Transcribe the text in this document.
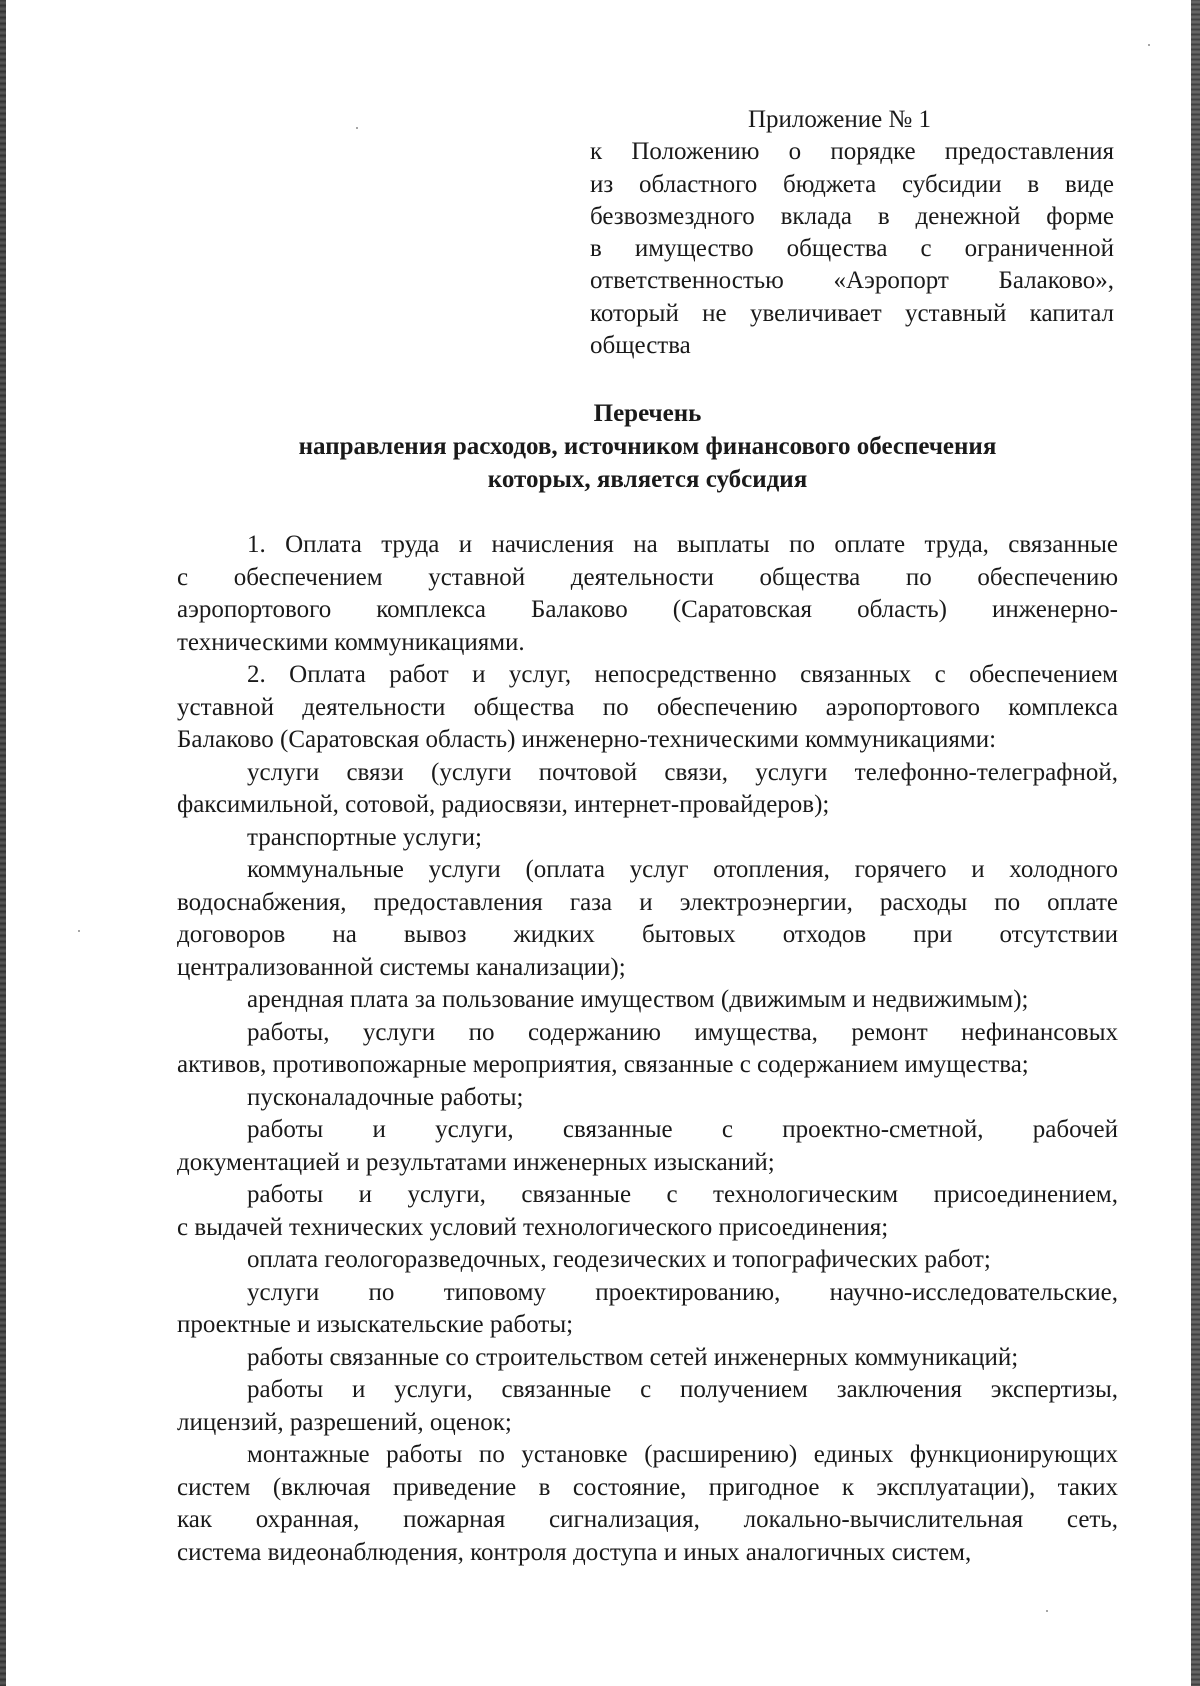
Приложение № 1
к Положению о порядке предоставления
из областного бюджета субсидии в виде
безвозмездного вклада в денежной форме
в имущество общества с ограниченной
ответственностью «Аэропорт Балаково»,
который не увеличивает уставный капитал
общества
Перечень
направления расходов, источником финансового обеспечения
которых, является субсидия
1. Оплата труда и начисления на выплаты по оплате труда, связанные
с обеспечением уставной деятельности общества по обеспечению
аэропортового комплекса Балаково (Саратовская область) инженерно-
техническими коммуникациями.
2. Оплата работ и услуг, непосредственно связанных с обеспечением
уставной деятельности общества по обеспечению аэропортового комплекса
Балаково (Саратовская область) инженерно-техническими коммуникациями:
услуги связи (услуги почтовой связи, услуги телефонно-телеграфной,
факсимильной, сотовой, радиосвязи, интернет-провайдеров);
транспортные услуги;
коммунальные услуги (оплата услуг отопления, горячего и холодного
водоснабжения, предоставления газа и электроэнергии, расходы по оплате
договоров на вывоз жидких бытовых отходов при отсутствии
централизованной системы канализации);
арендная плата за пользование имуществом (движимым и недвижимым);
работы, услуги по содержанию имущества, ремонт нефинансовых
активов, противопожарные мероприятия, связанные с содержанием имущества;
пусконаладочные работы;
работы и услуги, связанные с проектно-сметной, рабочей
документацией и результатами инженерных изысканий;
работы и услуги, связанные с технологическим присоединением,
с выдачей технических условий технологического присоединения;
оплата геологоразведочных, геодезических и топографических работ;
услуги по типовому проектированию, научно-исследовательские,
проектные и изыскательские работы;
работы связанные со строительством сетей инженерных коммуникаций;
работы и услуги, связанные с получением заключения экспертизы,
лицензий, разрешений, оценок;
монтажные работы по установке (расширению) единых функционирующих
систем (включая приведение в состояние, пригодное к эксплуатации), таких
как охранная, пожарная сигнализация, локально-вычислительная сеть,
система видеонаблюдения, контроля доступа и иных аналогичных систем,
